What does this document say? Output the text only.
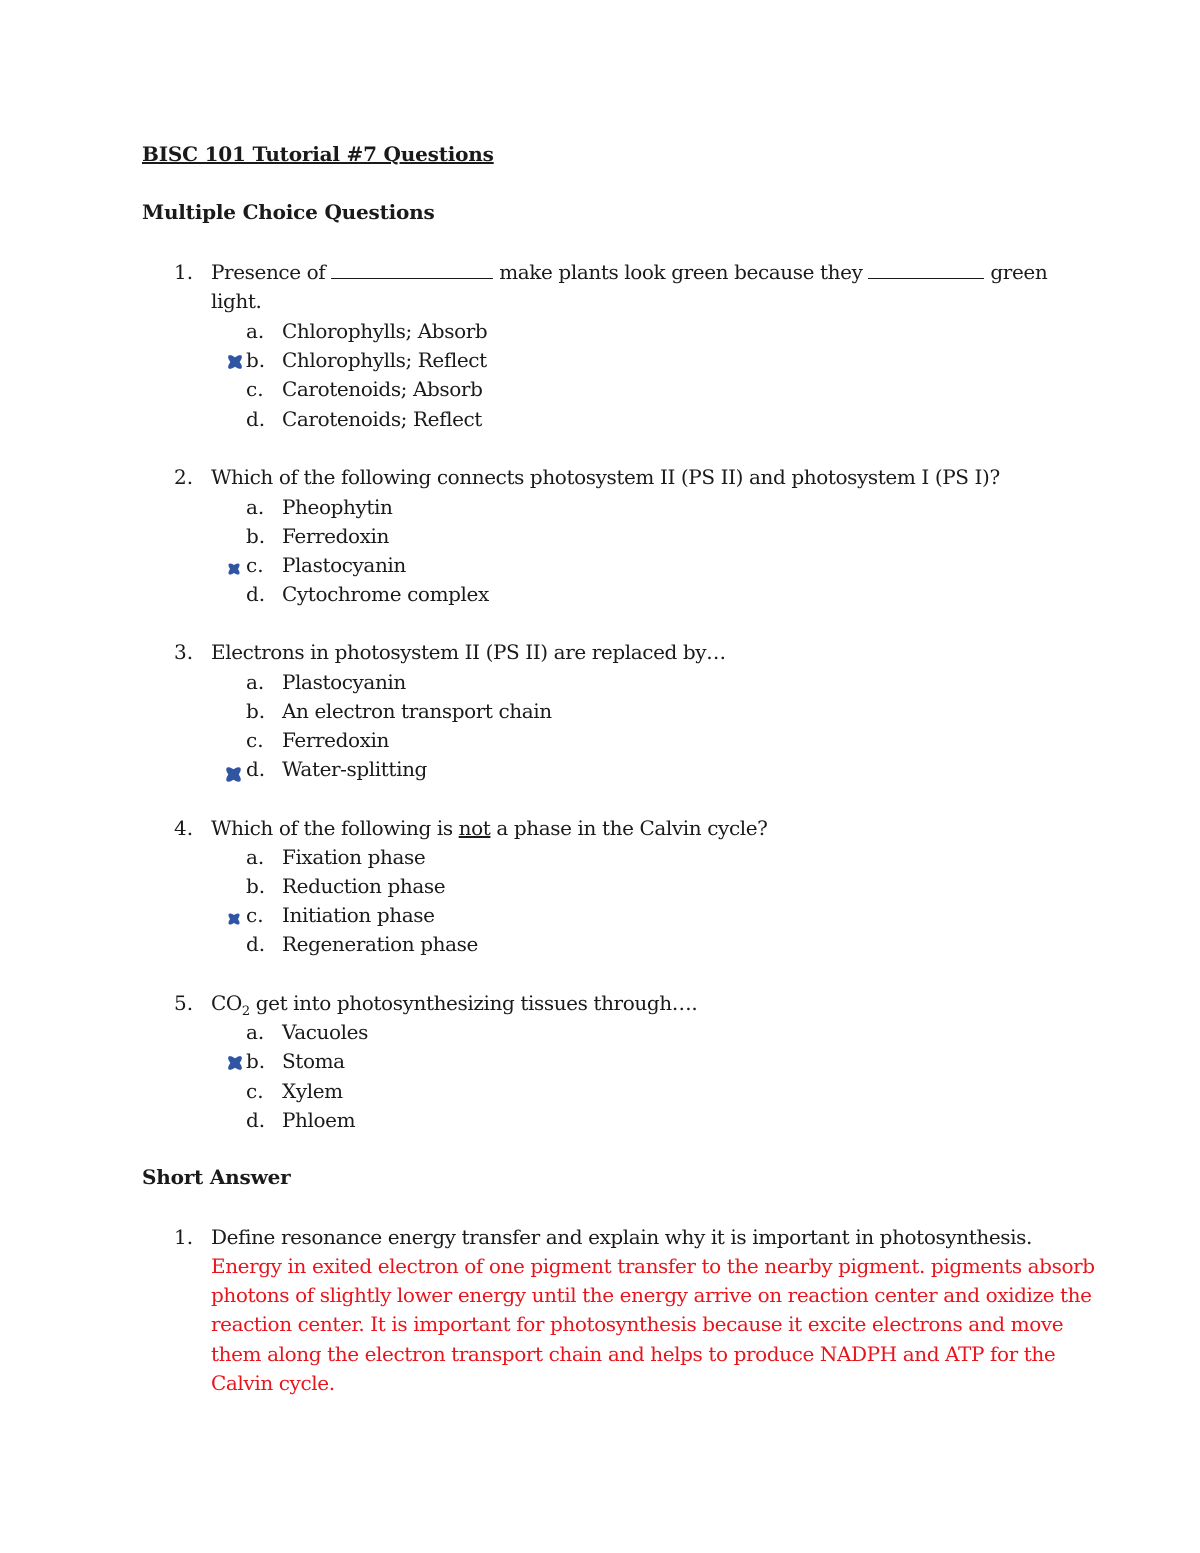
BISC 101 Tutorial #7 Questions
Multiple Choice Questions
1. Presence of	make plants look green because they	green
light.
a. Chlorophylls; Absorb
b. Chlorophylls; Reflect
c. Carotenoids; Absorb
d. Carotenoids; Reflect
2. Which of the following connects photosystem II (PS II) and photosystem I (PS I)?
a. Pheophytin
b. Ferredoxin
c. Plastocyanin
d. Cytochrome complex
3. Electrons in photosystem II (PS II) are replaced by…
a. Plastocyanin
b. An electron transport chain
c. Ferredoxin
d. Water-splitting
4. Which of the following is not a phase in the Calvin cycle?
a. Fixation phase
b. Reduction phase
c. Initiation phase
d. Regeneration phase
5. $CO_2$ get into photosynthesizing tissues through….
a. Vacuoles
b. Stoma
c. Xylem
d. Phloem
Short Answer
1. Define resonance energy transfer and explain why it is important in photosynthesis.
Energy in exited electron of one pigment transfer to the nearby pigment. pigments absorb
photons of slightly lower energy until the energy arrive on reaction center and oxidize the
reaction center. It is important for photosynthesis because it excite electrons and move
them along the electron transport chain and helps to produce NADPH and ATP for the
Calvin cycle.
